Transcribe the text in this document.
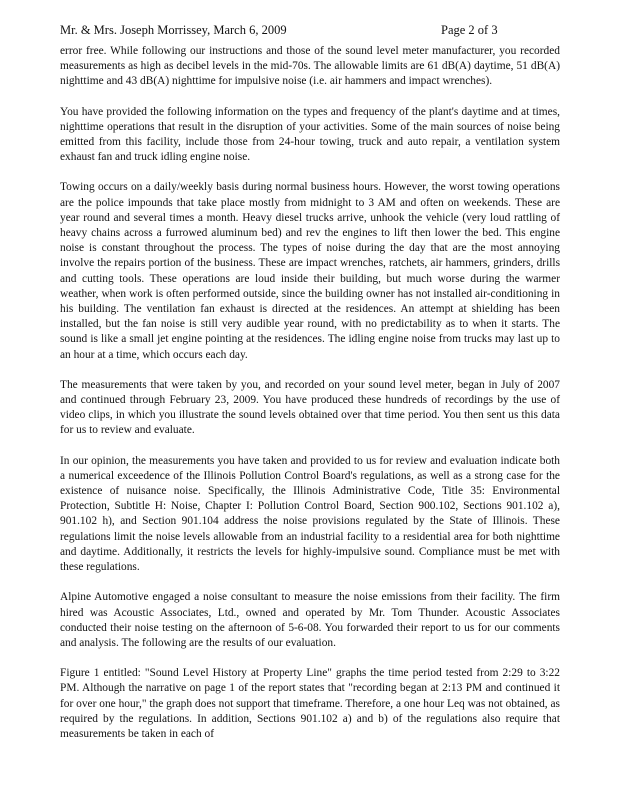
Mr. & Mrs. Joseph Morrissey, March 6, 2009	Page 2 of 3

error free. While following our instructions and those of the sound level meter manufacturer, you recorded measurements as high as decibel levels in the mid-70s. The allowable limits are 61 dB(A) daytime, 51 dB(A) nighttime and 43 dB(A) nighttime for impulsive noise (i.e. air hammers and impact wrenches).

You have provided the following information on the types and frequency of the plant's daytime and at times, nighttime operations that result in the disruption of your activities. Some of the main sources of noise being emitted from this facility, include those from 24-hour towing, truck and auto repair, a ventilation system exhaust fan and truck idling engine noise.

Towing occurs on a daily/weekly basis during normal business hours. However, the worst towing operations are the police impounds that take place mostly from midnight to 3 AM and often on weekends. These are year round and several times a month. Heavy diesel trucks arrive, unhook the vehicle (very loud rattling of heavy chains across a furrowed aluminum bed) and rev the engines to lift then lower the bed. This engine noise is constant throughout the process. The types of noise during the day that are the most annoying involve the repairs portion of the business. These are impact wrenches, ratchets, air hammers, grinders, drills and cutting tools. These operations are loud inside their building, but much worse during the warmer weather, when work is often performed outside, since the building owner has not installed air-conditioning in his building. The ventilation fan exhaust is directed at the residences. An attempt at shielding has been installed, but the fan noise is still very audible year round, with no predictability as to when it starts. The sound is like a small jet engine pointing at the residences. The idling engine noise from trucks may last up to an hour at a time, which occurs each day.

The measurements that were taken by you, and recorded on your sound level meter, began in July of 2007 and continued through February 23, 2009. You have produced these hundreds of recordings by the use of video clips, in which you illustrate the sound levels obtained over that time period. You then sent us this data for us to review and evaluate.

In our opinion, the measurements you have taken and provided to us for review and evaluation indicate both a numerical exceedence of the Illinois Pollution Control Board's regulations, as well as a strong case for the existence of nuisance noise. Specifically, the Illinois Administrative Code, Title 35: Environmental Protection, Subtitle H: Noise, Chapter I: Pollution Control Board, Section 900.102, Sections 901.102 a), 901.102 h), and Section 901.104 address the noise provisions regulated by the State of Illinois. These regulations limit the noise levels allowable from an industrial facility to a residential area for both nighttime and daytime. Additionally, it restricts the levels for highly-impulsive sound. Compliance must be met with these regulations.

Alpine Automotive engaged a noise consultant to measure the noise emissions from their facility. The firm hired was Acoustic Associates, Ltd., owned and operated by Mr. Tom Thunder. Acoustic Associates conducted their noise testing on the afternoon of 5-6-08. You forwarded their report to us for our comments and analysis. The following are the results of our evaluation.

Figure 1 entitled: "Sound Level History at Property Line" graphs the time period tested from 2:29 to 3:22 PM. Although the narrative on page 1 of the report states that "recording began at 2:13 PM and continued it for over one hour," the graph does not support that timeframe. Therefore, a one hour Leq was not obtained, as required by the regulations. In addition, Sections 901.102 a) and b) of the regulations also require that measurements be taken in each of
